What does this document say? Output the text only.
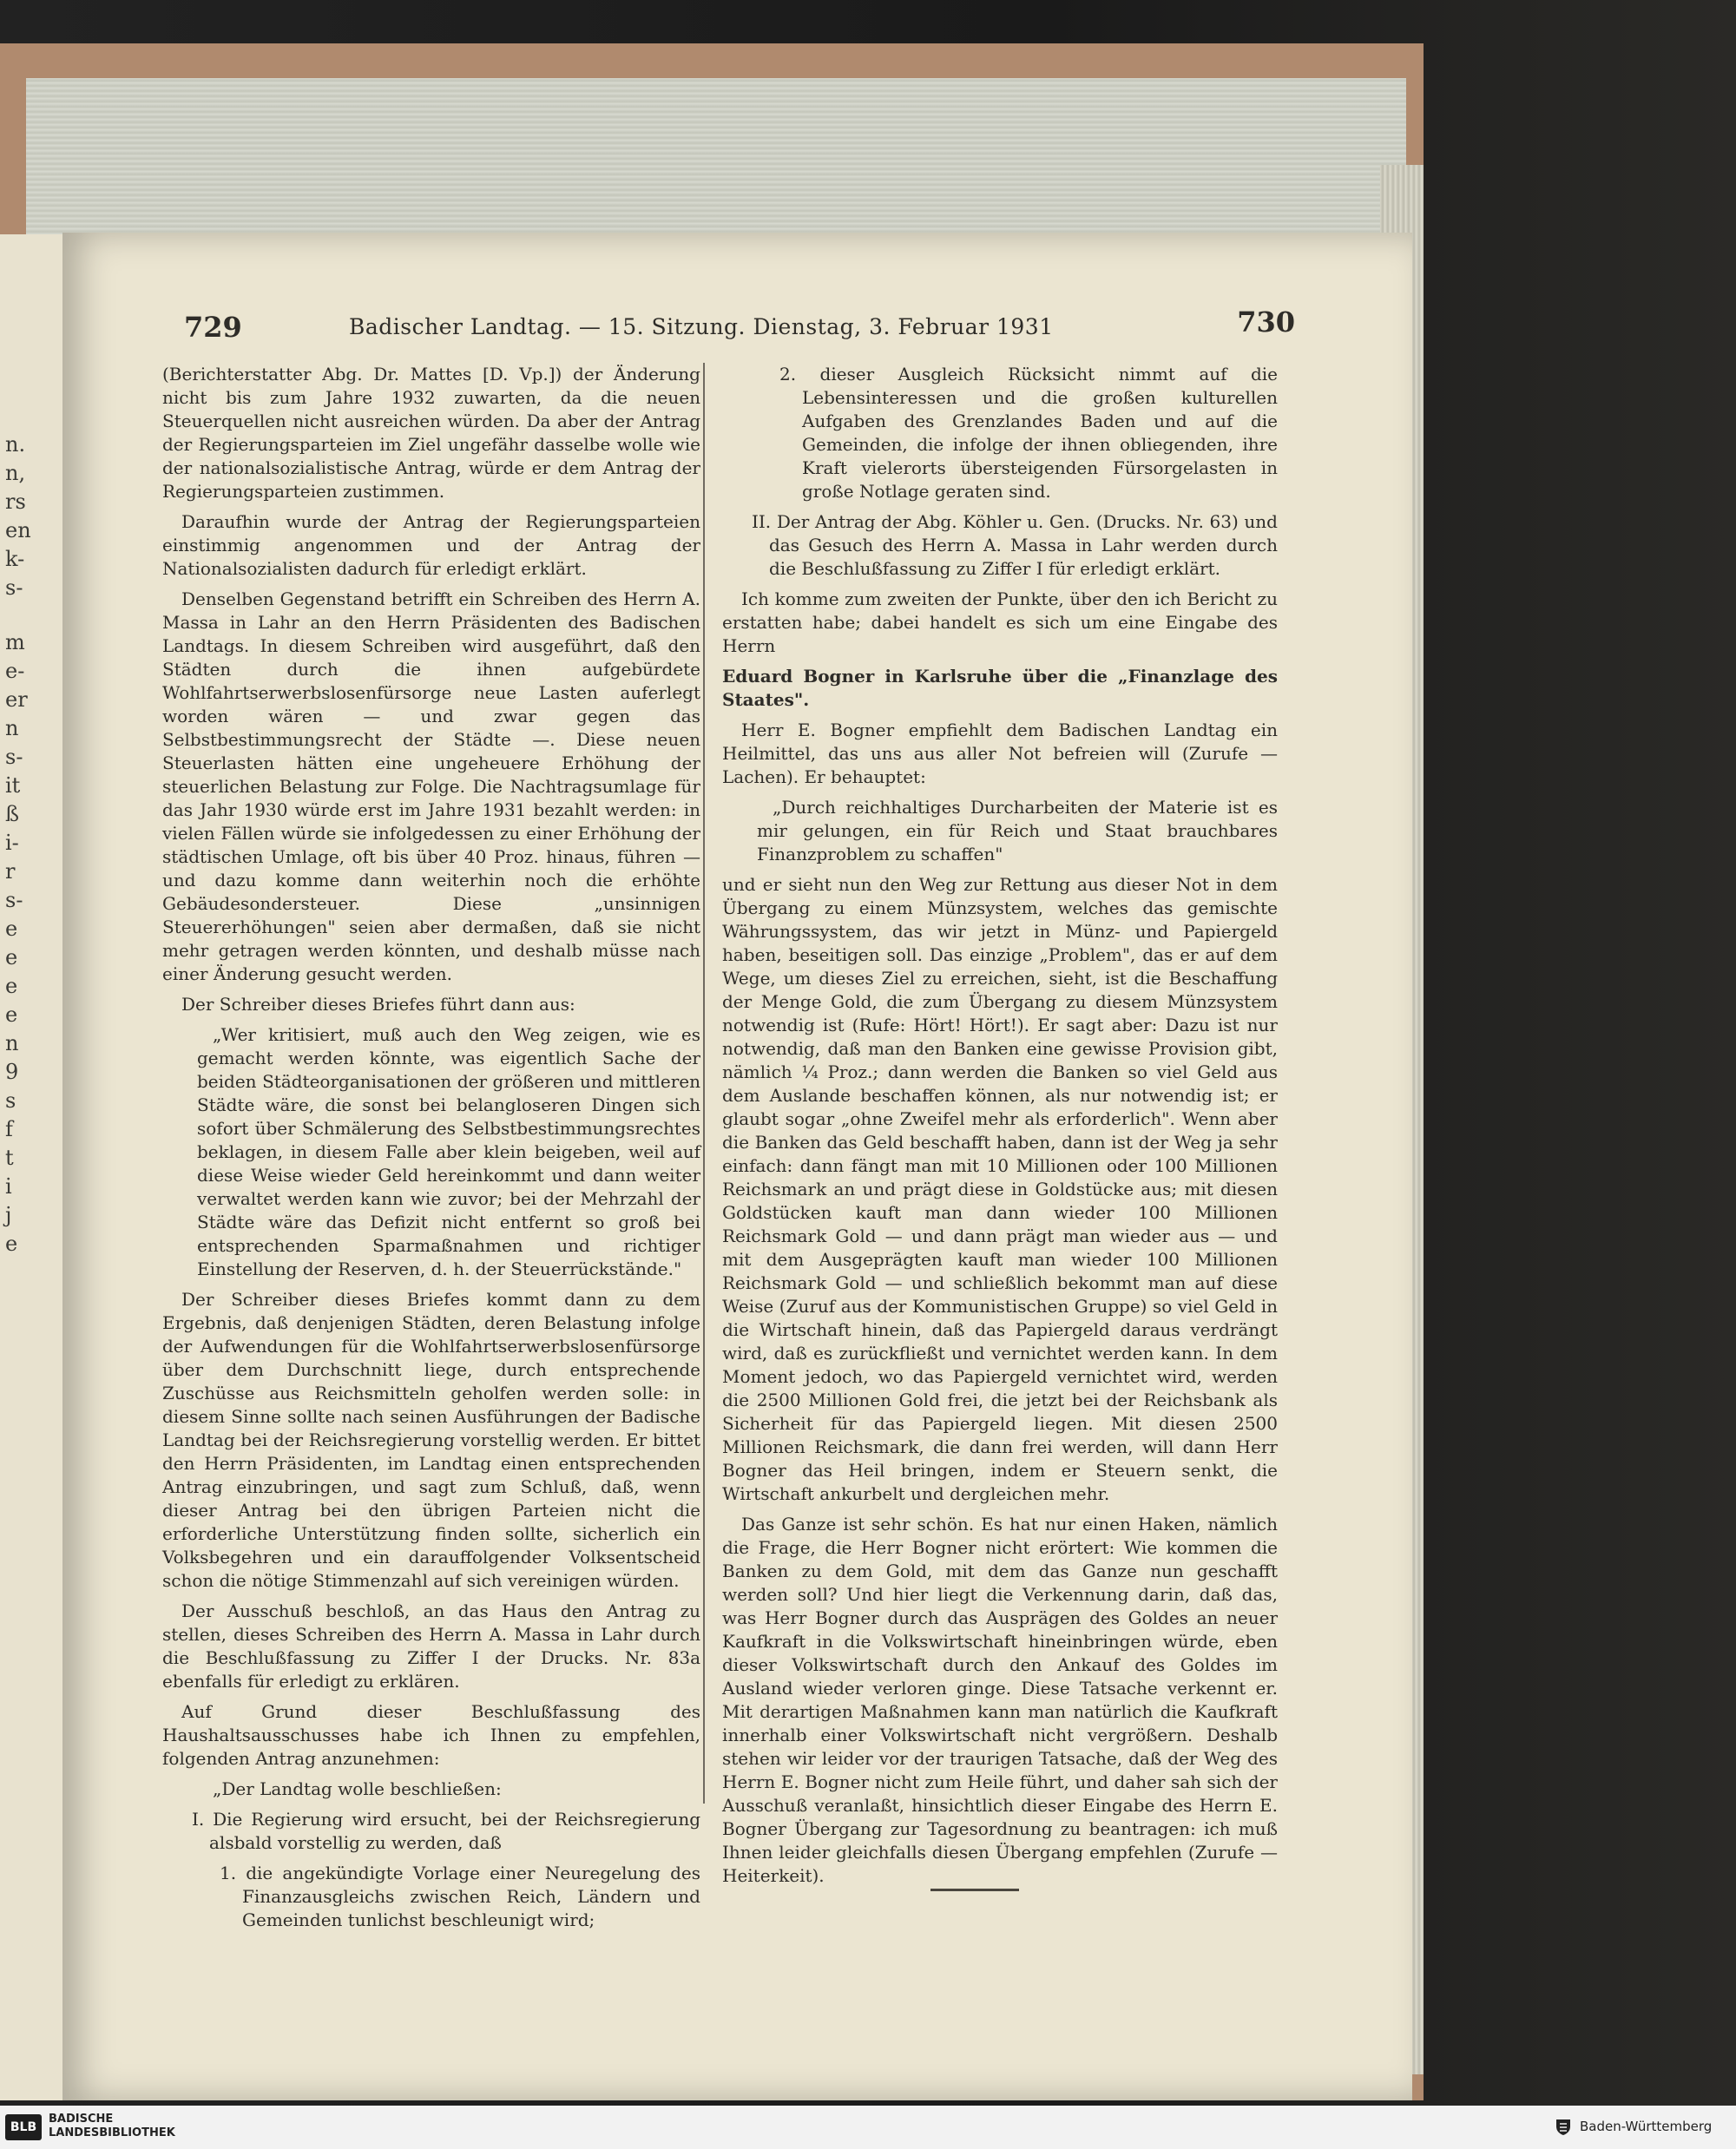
n.
n,
rs
en
k-
s-
m
e-
er
n
s-
it
ß
i-
r
s-
e
e
e
e
n
9
s
f
t
i
j
e
729	Badischer Landtag. — 15. Sitzung. Dienstag, 3. Februar 1931	730

(Berichterstatter Abg. Dr. Mattes [D. Vp.]) der Änderung nicht bis zum Jahre 1932 zuwarten, da die neuen Steuerquellen nicht ausreichen würden. Da aber der Antrag der Regierungsparteien im Ziel ungefähr dasselbe wolle wie der nationalsozialistische Antrag, würde er dem Antrag der Regierungsparteien zustimmen.

Daraufhin wurde der Antrag der Regierungsparteien einstimmig angenommen und der Antrag der Nationalsozialisten dadurch für erledigt erklärt.

Denselben Gegenstand betrifft ein Schreiben des Herrn A. Massa in Lahr an den Herrn Präsidenten des Badischen Landtags. In diesem Schreiben wird ausgeführt, daß den Städten durch die ihnen aufgebürdete Wohlfahrtserwerbslosenfürsorge neue Lasten auferlegt worden wären — und zwar gegen das Selbstbestimmungsrecht der Städte —. Diese neuen Steuerlasten hätten eine ungeheuere Erhöhung der steuerlichen Belastung zur Folge. Die Nachtragsumlage für das Jahr 1930 würde erst im Jahre 1931 bezahlt werden: in vielen Fällen würde sie infolgedessen zu einer Erhöhung der städtischen Umlage, oft bis über 40 Proz. hinaus, führen — und dazu komme dann weiterhin noch die erhöhte Gebäudesondersteuer. Diese „unsinnigen Steuererhöhungen" seien aber dermaßen, daß sie nicht mehr getragen werden könnten, und deshalb müsse nach einer Änderung gesucht werden.

Der Schreiber dieses Briefes führt dann aus:

„Wer kritisiert, muß auch den Weg zeigen, wie es gemacht werden könnte, was eigentlich Sache der beiden Städteorganisationen der größeren und mittleren Städte wäre, die sonst bei belangloseren Dingen sich sofort über Schmälerung des Selbstbestimmungsrechtes beklagen, in diesem Falle aber klein beigeben, weil auf diese Weise wieder Geld hereinkommt und dann weiter verwaltet werden kann wie zuvor; bei der Mehrzahl der Städte wäre das Defizit nicht entfernt so groß bei entsprechenden Sparmaßnahmen und richtiger Einstellung der Reserven, d. h. der Steuerrückstände."

Der Schreiber dieses Briefes kommt dann zu dem Ergebnis, daß denjenigen Städten, deren Belastung infolge der Aufwendungen für die Wohlfahrtserwerbslosenfürsorge über dem Durchschnitt liege, durch entsprechende Zuschüsse aus Reichsmitteln geholfen werden solle: in diesem Sinne sollte nach seinen Ausführungen der Badische Landtag bei der Reichsregierung vorstellig werden. Er bittet den Herrn Präsidenten, im Landtag einen entsprechenden Antrag einzubringen, und sagt zum Schluß, daß, wenn dieser Antrag bei den übrigen Parteien nicht die erforderliche Unterstützung finden sollte, sicherlich ein Volksbegehren und ein darauffolgender Volksentscheid schon die nötige Stimmenzahl auf sich vereinigen würden.

Der Ausschuß beschloß, an das Haus den Antrag zu stellen, dieses Schreiben des Herrn A. Massa in Lahr durch die Beschlußfassung zu Ziffer I der Drucks. Nr. 83a ebenfalls für erledigt zu erklären.

Auf Grund dieser Beschlußfassung des Haushaltsausschusses habe ich Ihnen zu empfehlen, folgenden Antrag anzunehmen:

„Der Landtag wolle beschließen:

I. Die Regierung wird ersucht, bei der Reichsregierung alsbald vorstellig zu werden, daß

1. die angekündigte Vorlage einer Neuregelung des Finanzausgleichs zwischen Reich, Ländern und Gemeinden tunlichst beschleunigt wird;

2. dieser Ausgleich Rücksicht nimmt auf die Lebensinteressen und die großen kulturellen Aufgaben des Grenzlandes Baden und auf die Gemeinden, die infolge der ihnen obliegenden, ihre Kraft vielerorts übersteigenden Fürsorgelasten in große Notlage geraten sind.

II. Der Antrag der Abg. Köhler u. Gen. (Drucks. Nr. 63) und das Gesuch des Herrn A. Massa in Lahr werden durch die Beschlußfassung zu Ziffer I für erledigt erklärt.

Ich komme zum zweiten der Punkte, über den ich Bericht zu erstatten habe; dabei handelt es sich um eine Eingabe des Herrn

Eduard Bogner in Karlsruhe über die „Finanzlage des Staates".

Herr E. Bogner empfiehlt dem Badischen Landtag ein Heilmittel, das uns aus aller Not befreien will (Zurufe — Lachen). Er behauptet:

„Durch reichhaltiges Durcharbeiten der Materie ist es mir gelungen, ein für Reich und Staat brauchbares Finanzproblem zu schaffen"

und er sieht nun den Weg zur Rettung aus dieser Not in dem Übergang zu einem Münzsystem, welches das gemischte Währungssystem, das wir jetzt in Münz- und Papiergeld haben, beseitigen soll. Das einzige „Problem", das er auf dem Wege, um dieses Ziel zu erreichen, sieht, ist die Beschaffung der Menge Gold, die zum Übergang zu diesem Münzsystem notwendig ist (Rufe: Hört! Hört!). Er sagt aber: Dazu ist nur notwendig, daß man den Banken eine gewisse Provision gibt, nämlich ¼ Proz.; dann werden die Banken so viel Geld aus dem Auslande beschaffen können, als nur notwendig ist; er glaubt sogar „ohne Zweifel mehr als erforderlich". Wenn aber die Banken das Geld beschafft haben, dann ist der Weg ja sehr einfach: dann fängt man mit 10 Millionen oder 100 Millionen Reichsmark an und prägt diese in Goldstücke aus; mit diesen Goldstücken kauft man dann wieder 100 Millionen Reichsmark Gold — und dann prägt man wieder aus — und mit dem Ausgeprägten kauft man wieder 100 Millionen Reichsmark Gold — und schließlich bekommt man auf diese Weise (Zuruf aus der Kommunistischen Gruppe) so viel Geld in die Wirtschaft hinein, daß das Papiergeld daraus verdrängt wird, daß es zurückfließt und vernichtet werden kann. In dem Moment jedoch, wo das Papiergeld vernichtet wird, werden die 2500 Millionen Gold frei, die jetzt bei der Reichsbank als Sicherheit für das Papiergeld liegen. Mit diesen 2500 Millionen Reichsmark, die dann frei werden, will dann Herr Bogner das Heil bringen, indem er Steuern senkt, die Wirtschaft ankurbelt und dergleichen mehr.

Das Ganze ist sehr schön. Es hat nur einen Haken, nämlich die Frage, die Herr Bogner nicht erörtert: Wie kommen die Banken zu dem Gold, mit dem das Ganze nun geschafft werden soll? Und hier liegt die Verkennung darin, daß das, was Herr Bogner durch das Ausprägen des Goldes an neuer Kaufkraft in die Volkswirtschaft hineinbringen würde, eben dieser Volkswirtschaft durch den Ankauf des Goldes im Ausland wieder verloren ginge. Diese Tatsache verkennt er. Mit derartigen Maßnahmen kann man natürlich die Kaufkraft innerhalb einer Volkswirtschaft nicht vergrößern. Deshalb stehen wir leider vor der traurigen Tatsache, daß der Weg des Herrn E. Bogner nicht zum Heile führt, und daher sah sich der Ausschuß veranlaßt, hinsichtlich dieser Eingabe des Herrn E. Bogner Übergang zur Tagesordnung zu beantragen: ich muß Ihnen leider gleichfalls diesen Übergang empfehlen (Zurufe — Heiterkeit).

BLB
BADISCHE
LANDESBIBLIOTHEK	Baden-Württemberg
